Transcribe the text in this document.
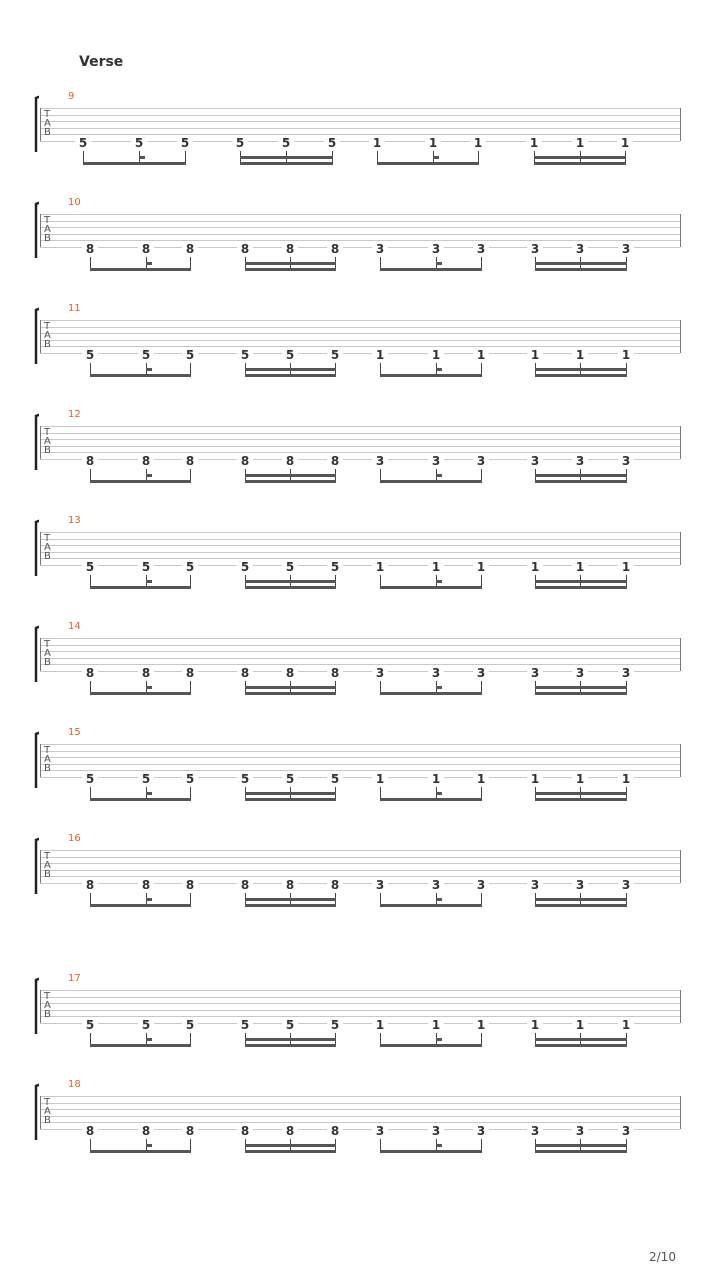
Verse
9
T
A
B
5	5	5	5	5	5	1	1	1	1	1	1
10
T
A
B
8	8	8	8	8	8	3	3	3	3	3	3
11
T
A
B
5	5	5	5	5	5	1	1	1	1	1	1
12
T
A
B
8	8	8	8	8	8	3	3	3	3	3	3
13
T
A
B
5	5	5	5	5	5	1	1	1	1	1	1
14
T
A
B
8	8	8	8	8	8	3	3	3	3	3	3
15
T
A
B
5	5	5	5	5	5	1	1	1	1	1	1
16
T
A
B
8	8	8	8	8	8	3	3	3	3	3	3
17
T
A
B
5	5	5	5	5	5	1	1	1	1	1	1
18
T
A
B
8	8	8	8	8	8	3	3	3	3	3	3
2/10
